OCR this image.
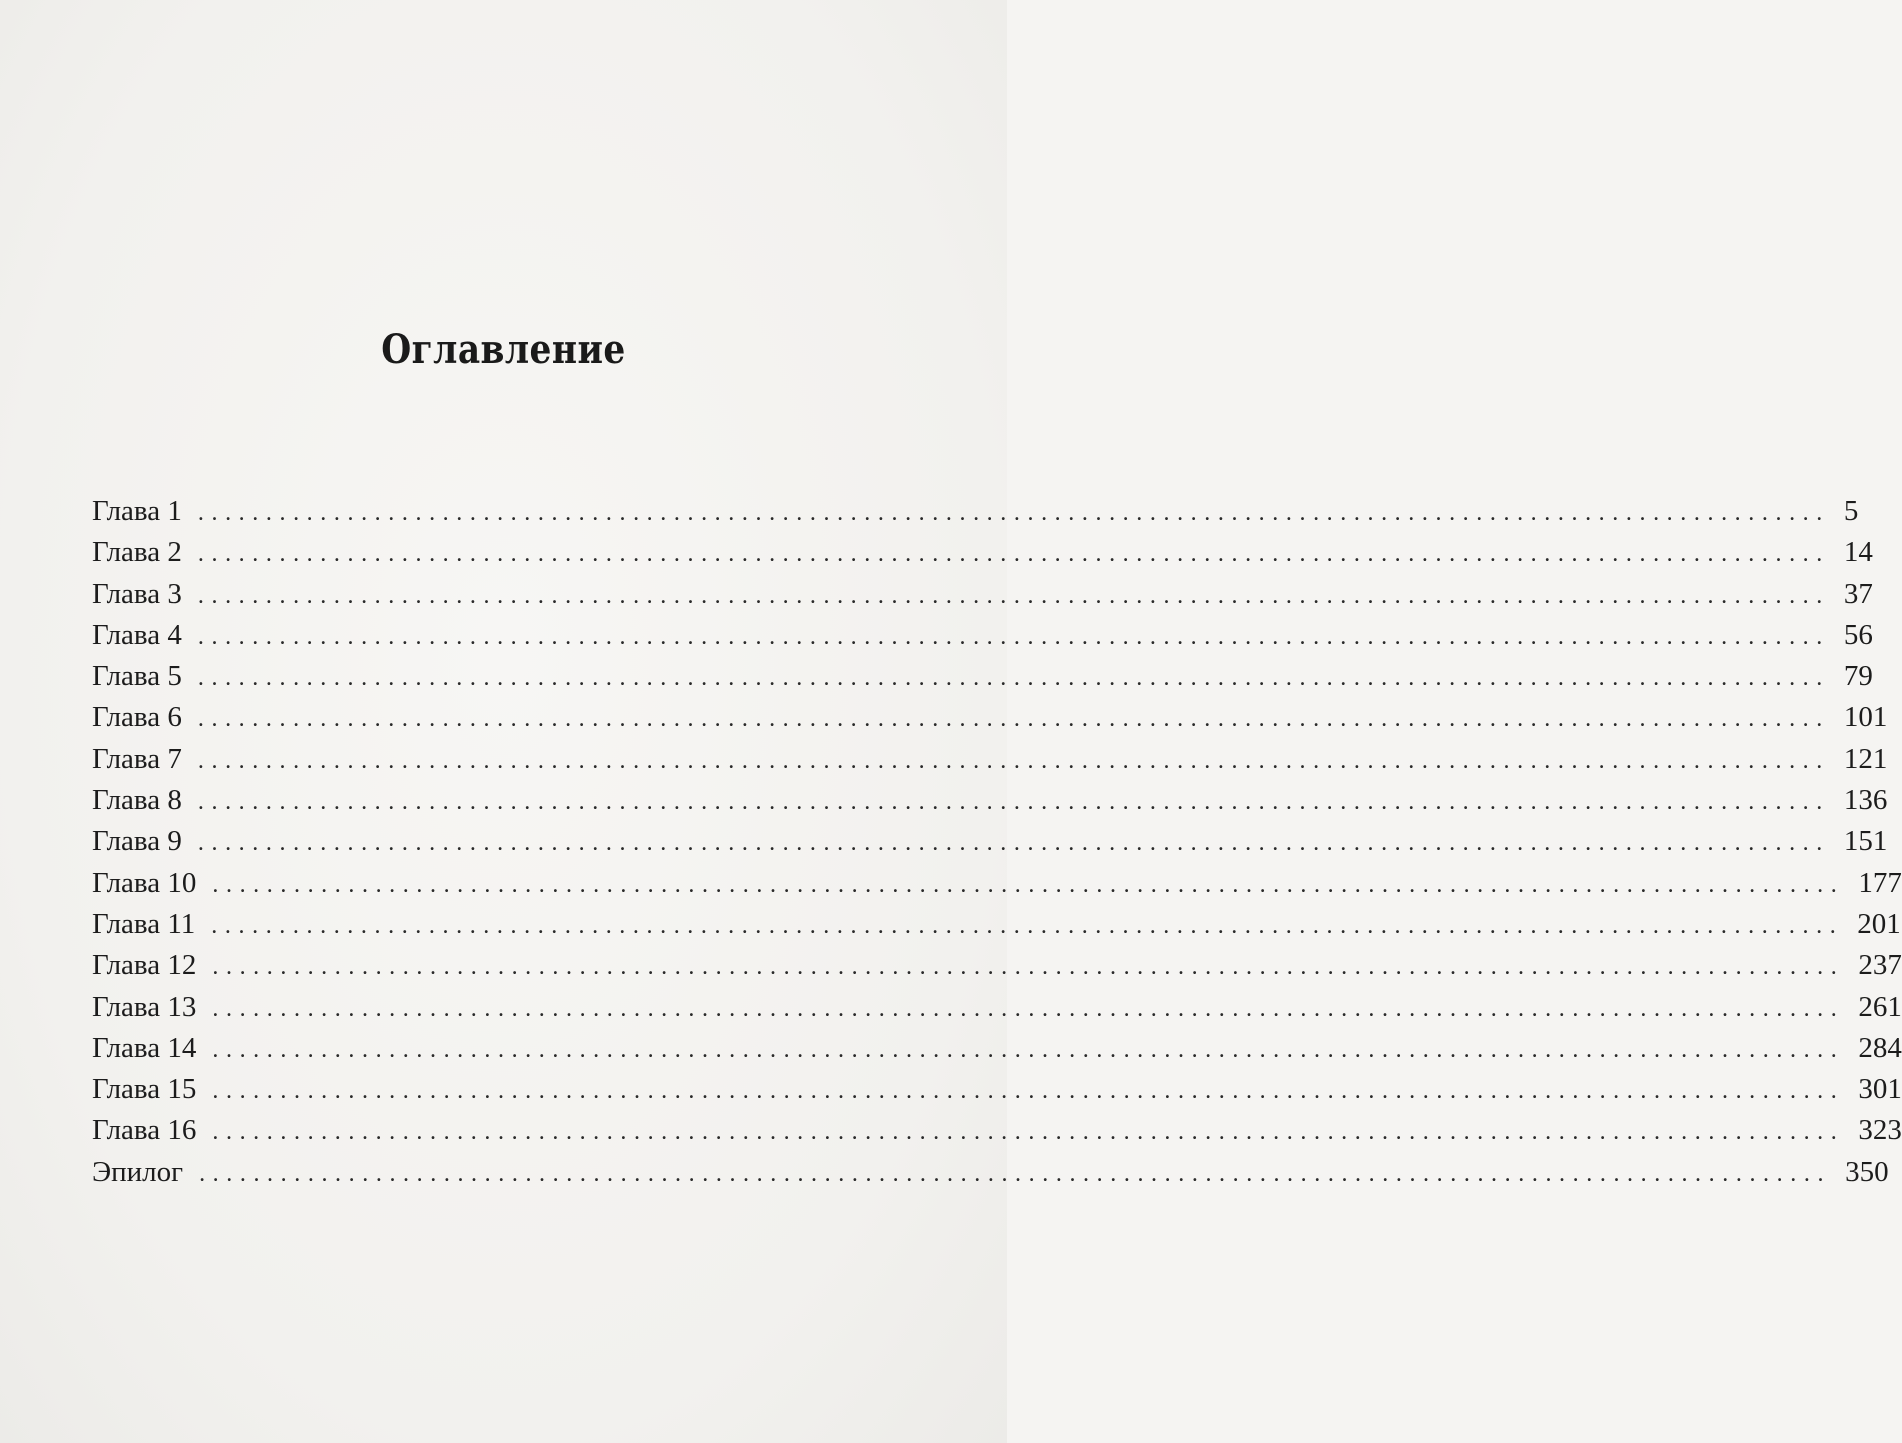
Оглавление
Глава 1 ........................................................................................................................ 5
Глава 2 ........................................................................................................................ 14
Глава 3 ........................................................................................................................ 37
Глава 4 ........................................................................................................................ 56
Глава 5 ........................................................................................................................ 79
Глава 6 ........................................................................................................................ 101
Глава 7 ........................................................................................................................ 121
Глава 8 ........................................................................................................................ 136
Глава 9 ........................................................................................................................ 151
Глава 10 ........................................................................................................................ 177
Глава 11 ........................................................................................................................ 201
Глава 12 ........................................................................................................................ 237
Глава 13 ........................................................................................................................ 261
Глава 14 ........................................................................................................................ 284
Глава 15 ........................................................................................................................ 301
Глава 16 ........................................................................................................................ 323
Эпилог ........................................................................................................................ 350
